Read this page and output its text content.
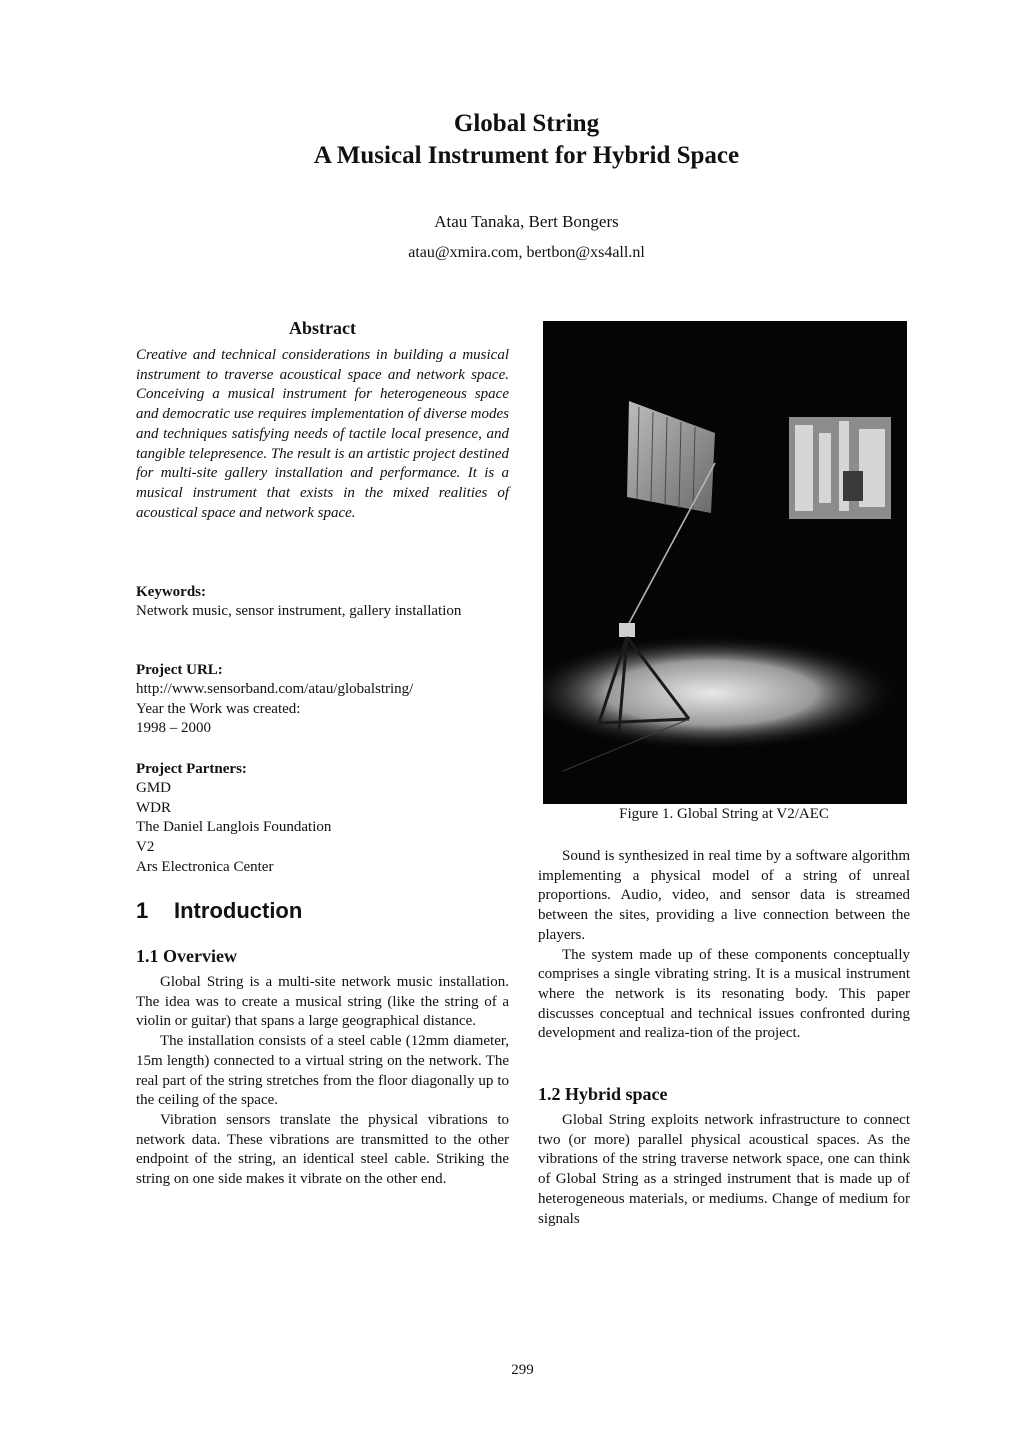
Global String
A Musical Instrument for Hybrid Space
Atau Tanaka, Bert Bongers
atau@xmira.com, bertbon@xs4all.nl
Abstract

Creative and technical considerations in building a musical instrument to traverse acoustical space and network space. Conceiving a musical instrument for heterogeneous space and democratic use requires implementation of diverse modes and techniques satisfying needs of tactile local presence, and tangible telepresence. The result is an artistic project destined for multi-site gallery installation and performance. It is a musical instrument that exists in the mixed realities of acoustical space and network space.

Keywords:

Network music, sensor instrument, gallery installation

Project URL:
http://www.sensorband.com/atau/globalstring/
Year the Work was created:
1998 – 2000
Project Partners:
GMD
WDR
The Daniel Langlois Foundation
V2
Ars Electronica Center
1 Introduction
1.1 Overview

Global String is a multi-site network music installation. The idea was to create a musical string (like the string of a violin or guitar) that spans a large geographical distance.

The installation consists of a steel cable (12mm diameter, 15m length) connected to a virtual string on the network. The real part of the string stretches from the floor diagonally up to the ceiling of the space.

Vibration sensors translate the physical vibrations to network data. These vibrations are transmitted to the other endpoint of the string, an identical steel cable. Striking the string on one side makes it vibrate on the other end.

Figure 1. Global String at V2/AEC

Sound is synthesized in real time by a software algorithm implementing a physical model of a string of unreal proportions. Audio, video, and sensor data is streamed between the sites, providing a live connection between the players.

The system made up of these components conceptually comprises a single vibrating string. It is a musical instrument where the network is its resonating body. This paper discusses conceptual and technical issues confronted during development and realiza-tion of the project.

1.2 Hybrid space

Global String exploits network infrastructure to connect two (or more) parallel physical acoustical spaces. As the vibrations of the string traverse network space, one can think of Global String as a stringed instrument that is made up of heterogeneous materials, or mediums. Change of medium for signals

299
